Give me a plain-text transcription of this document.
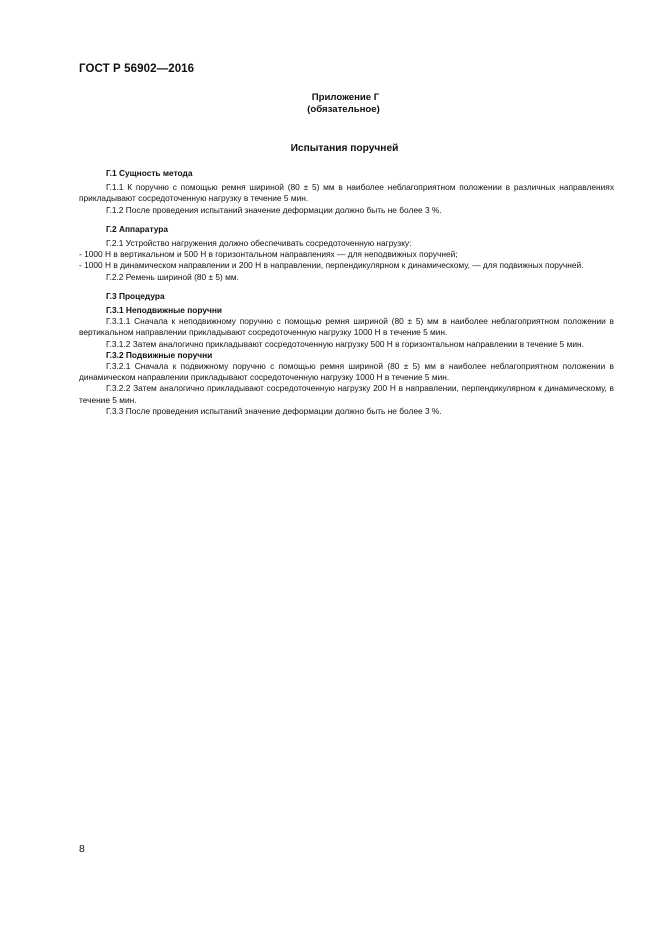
ГОСТ Р 56902—2016
Приложение Г
(обязательное)
Испытания поручней
Г.1 Сущность метода

Г.1.1 К поручню с помощью ремня шириной (80 ± 5) мм в наиболее неблагоприятном положении в различных направлениях прикладывают сосредоточенную нагрузку в течение 5 мин.

Г.1.2 После проведения испытаний значение деформации должно быть не более 3 %.

Г.2 Аппаратура

Г.2.1 Устройство нагружения должно обеспечивать сосредоточенную нагрузку:

- 1000 Н в вертикальном и 500 Н в горизонтальном направлениях — для неподвижных поручней;

- 1000 Н в динамическом направлении и 200 Н в направлении, перпендикулярном к динамическому, — для подвижных поручней.

Г.2.2 Ремень шириной (80 ± 5) мм.

Г.3 Процедура
Г.3.1 Неподвижные поручни

Г.3.1.1 Сначала к неподвижному поручню с помощью ремня шириной (80 ± 5) мм в наиболее неблагоприятном положении в вертикальном направлении прикладывают сосредоточенную нагрузку 1000 Н в течение 5 мин.

Г.3.1.2 Затем аналогично прикладывают сосредоточенную нагрузку 500 Н в горизонтальном направлении в течение 5 мин.

Г.3.2 Подвижные поручни

Г.3.2.1 Сначала к подвижному поручню с помощью ремня шириной (80 ± 5) мм в наиболее неблагоприятном положении в динамическом направлении прикладывают сосредоточенную нагрузку 1000 Н в течение 5 мин.

Г.3.2.2 Затем аналогично прикладывают сосредоточенную нагрузку 200 Н в направлении, перпендикулярном к динамическому, в течение 5 мин.

Г.3.3 После проведения испытаний значение деформации должно быть не более 3 %.

8
